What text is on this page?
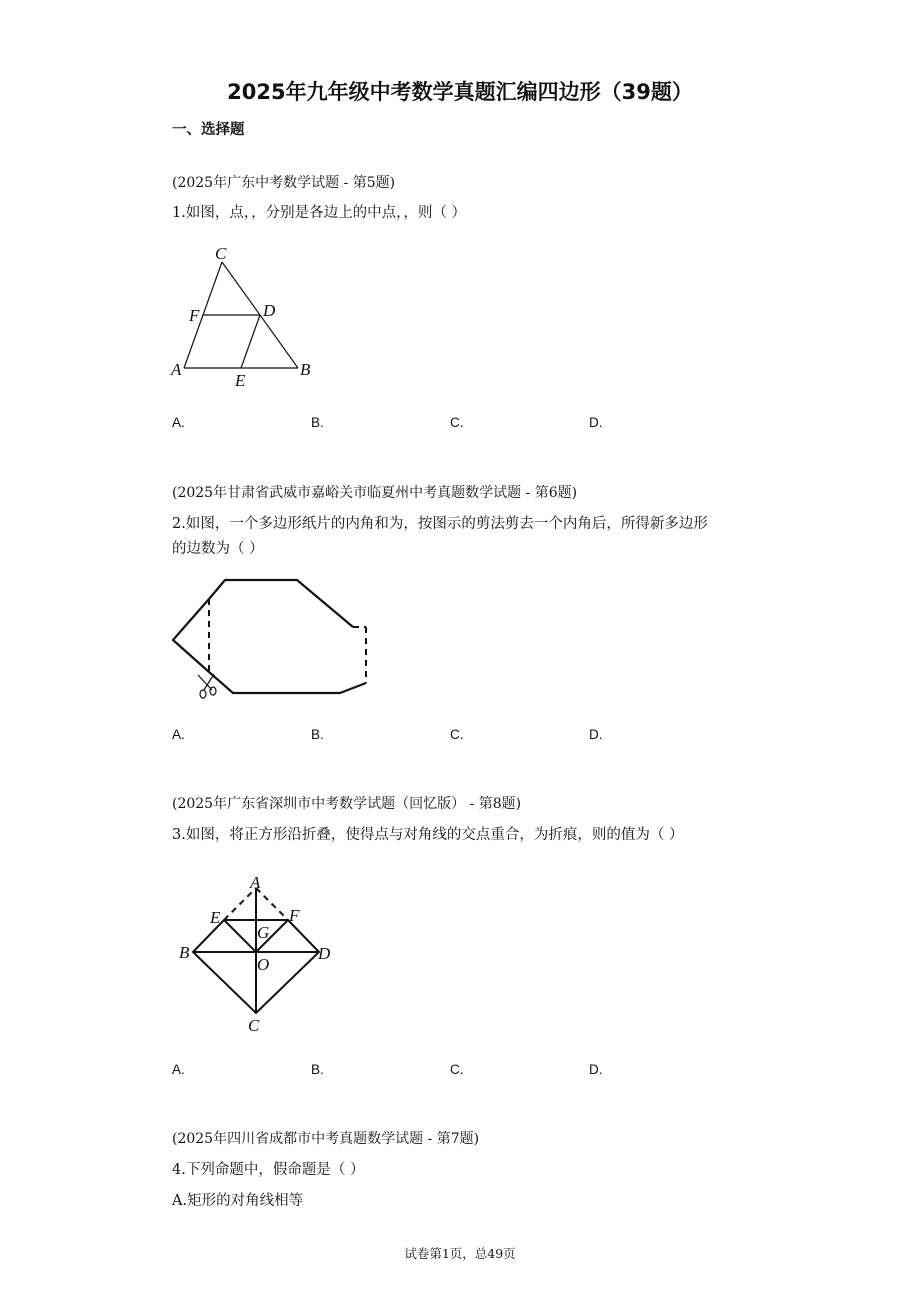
2025年九年级中考数学真题汇编四边形（39题）
一、选择题
(2025年广东中考数学试题 - 第5题)
1.如图，点，，分别是各边上的中点，，则（ ）
C
F	D
A
E
B
A.	B.	C.	D.
(2025年甘肃省武威市嘉峪关市临夏州中考真题数学试题 - 第6题)
2.如图，一个多边形纸片的内角和为，按图示的剪法剪去一个内角后，所得新多边形
的边数为（ ）
A.	B.	C.	D.
(2025年广东省深圳市中考数学试题（回忆版） - 第8题)
3.如图，将正方形沿折叠，使得点与对角线的交点重合，为折痕，则的值为（ ）
A
E	F
G
B
O
D
C
A.	B.	C.	D.
(2025年四川省成都市中考真题数学试题 - 第7题)
4.下列命题中，假命题是（ ）
A.矩形的对角线相等
试卷第1页，总49页
